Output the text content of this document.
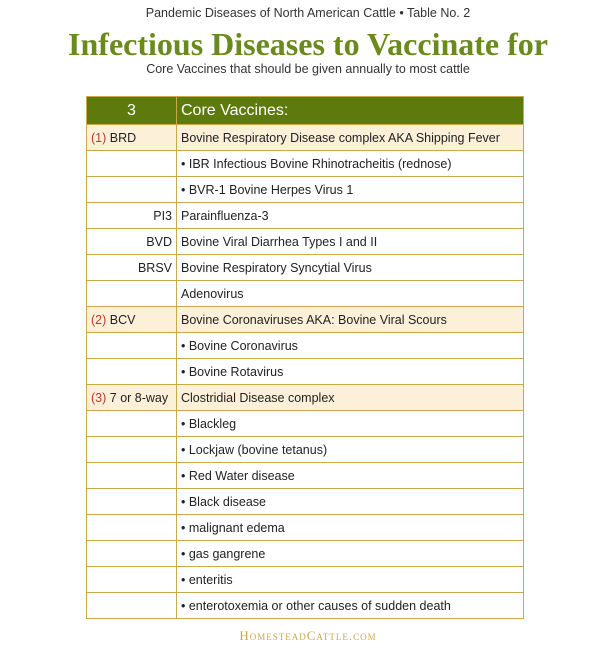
Pandemic Diseases of North American Cattle • Table No. 2
Infectious Diseases to Vaccinate for
Core Vaccines that should be given annually to most cattle
3	Core Vaccines:
(1) BRD	Bovine Respiratory Disease complex AKA Shipping Fever
	• IBR Infectious Bovine Rhinotracheitis (rednose)
	• BVR-1 Bovine Herpes Virus 1
PI3	Parainfluenza-3
BVD	Bovine Viral Diarrhea Types I and II
BRSV	Bovine Respiratory Syncytial Virus
	Adenovirus
(2) BCV	Bovine Coronaviruses AKA: Bovine Viral Scours
	• Bovine Coronavirus
	• Bovine Rotavirus
(3) 7 or 8-way	Clostridial Disease complex
	• Blackleg
	• Lockjaw (bovine tetanus)
	• Red Water disease
	• Black disease
	• malignant edema
	• gas gangrene
	• enteritis
	• enterotoxemia or other causes of sudden death
HomesteadCattle.com
